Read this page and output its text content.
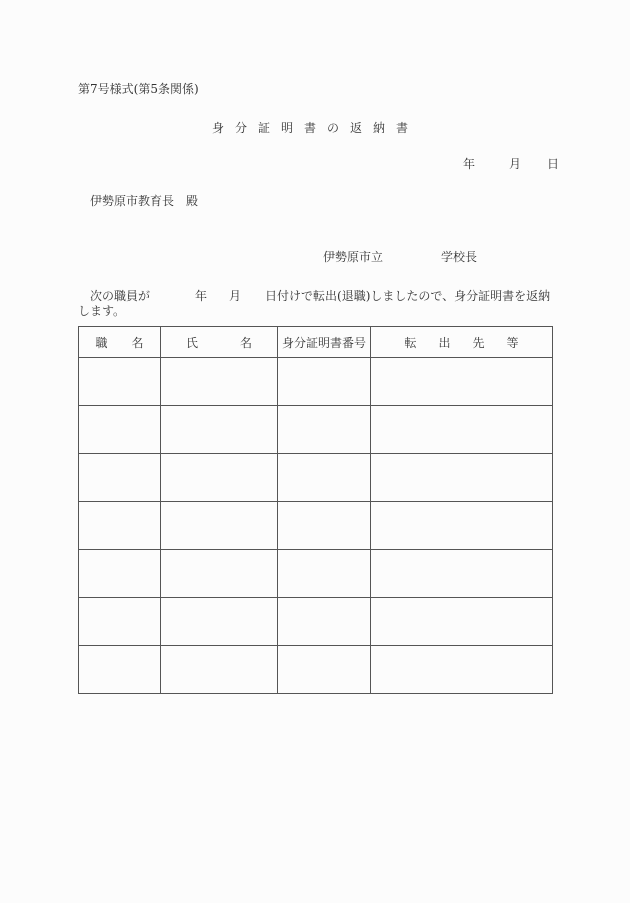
第7号様式(第5条関係)
身 分 証 明 書 の 返 納 書
年	月 日
伊勢原市教育長　殿
伊勢原市立	学校長
次の職員が	年 月 日付けで転出(退職)しましたので、身分証明書を返納
します。
職 名	氏 名	身分証明書番号	転 出 先 等
